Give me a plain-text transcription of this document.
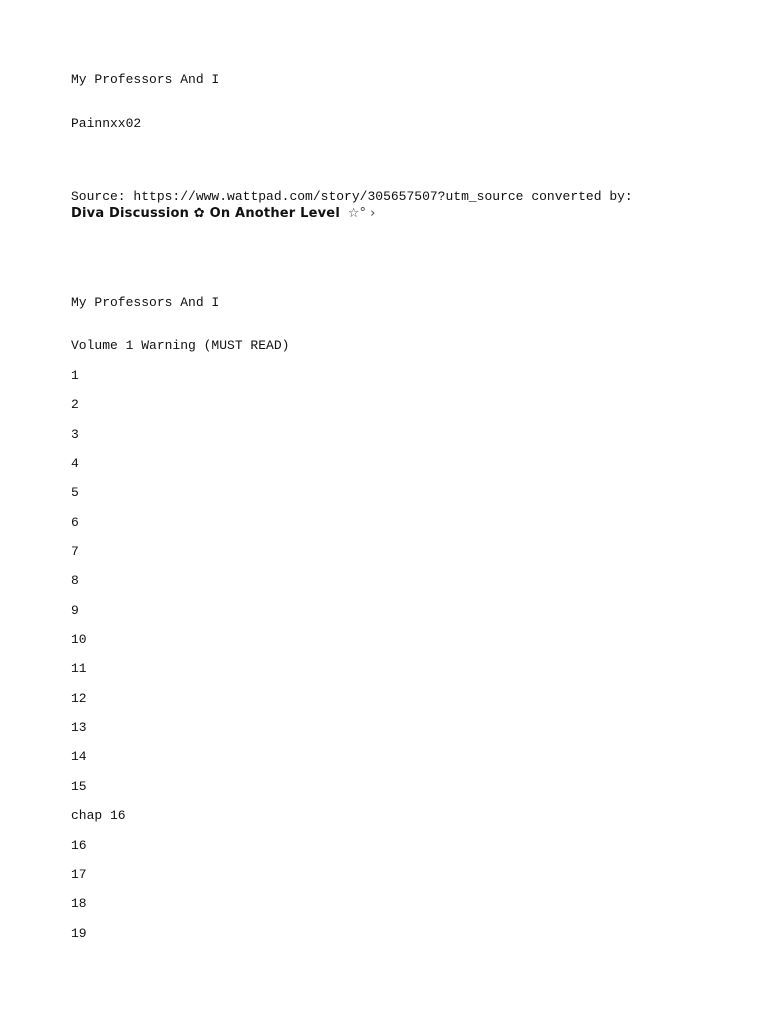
My Professors And I
Painnxx02
Source: https://www.wattpad.com/story/305657507?utm_source converted by: Diva Discussion ✿ On Another Level ☆° ›
My Professors And I
Volume 1 Warning (MUST READ)
1
2
3
4
5
6
7
8
9
10
11
12
13
14
15
chap 16
16
17
18
19
